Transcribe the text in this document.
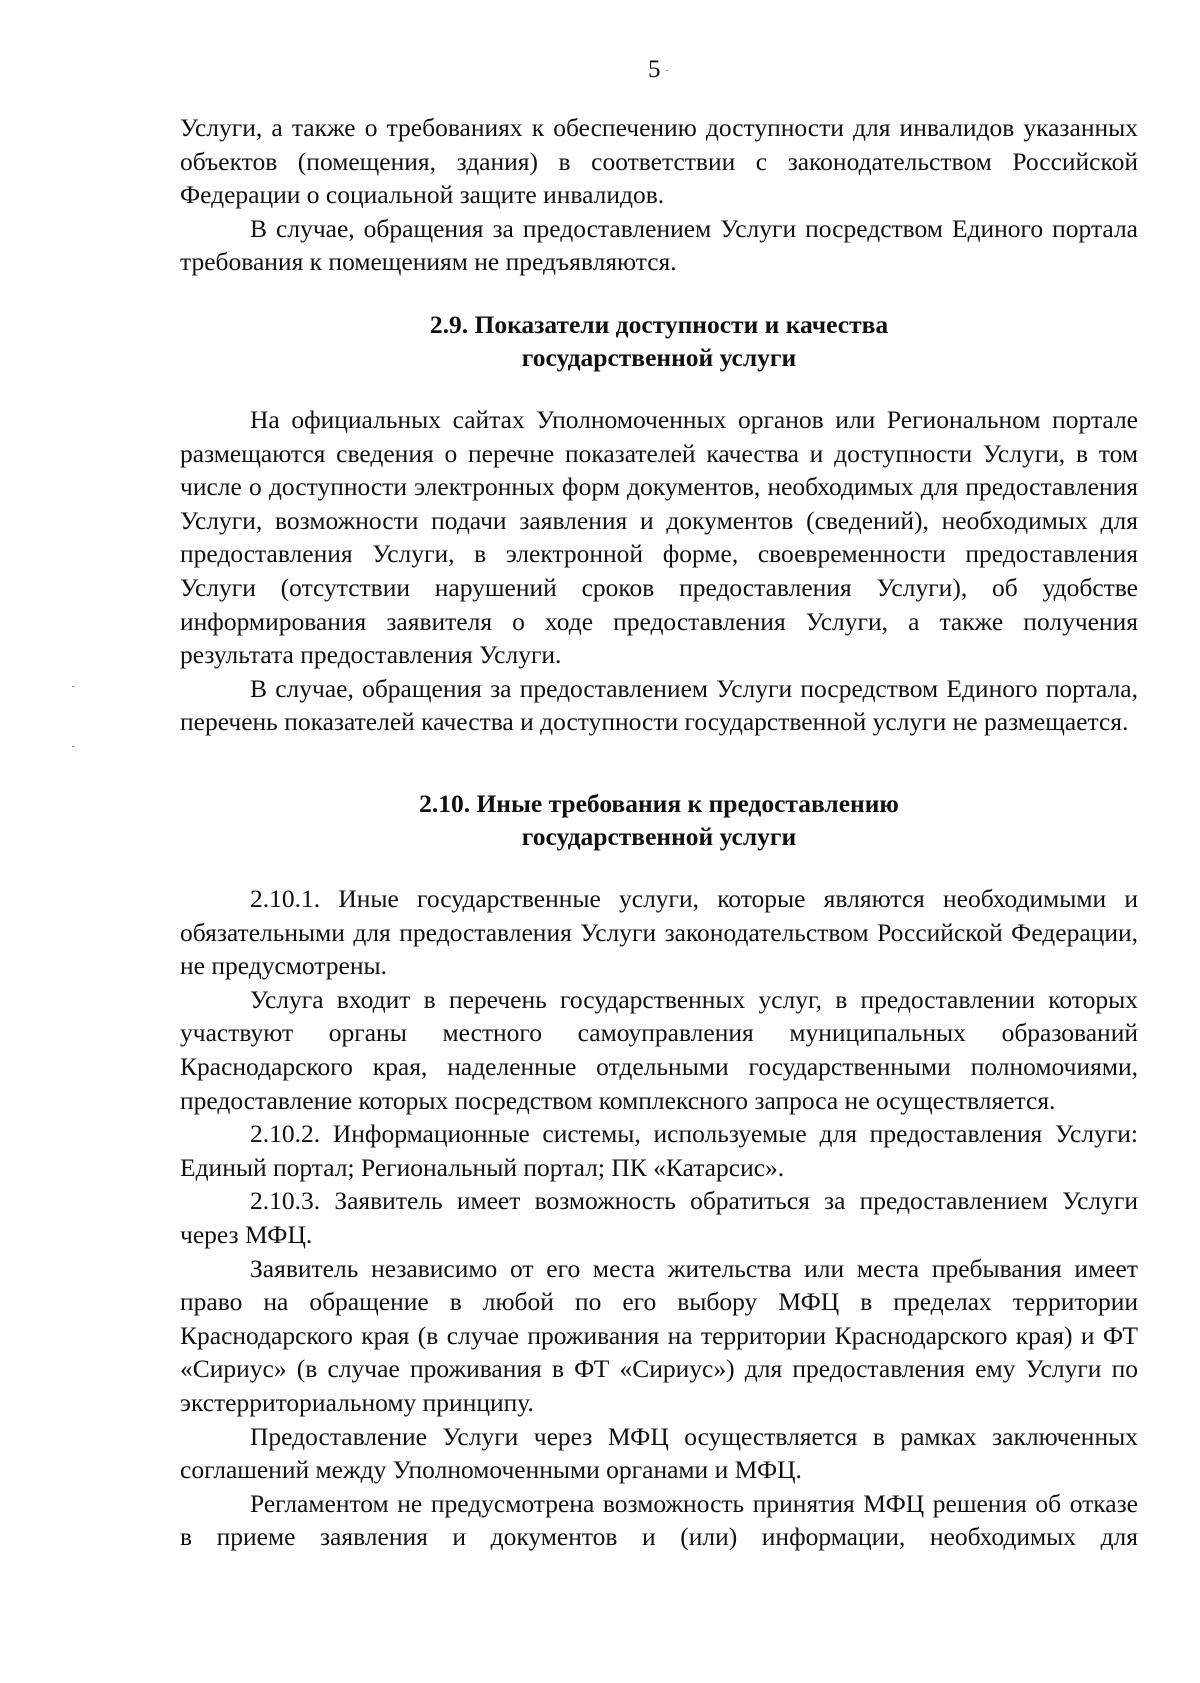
5

Услуги, а также о требованиях к обеспечению доступности для инвалидов указанных объектов (помещения, здания) в соответствии с законодательством Российской Федерации о социальной защите инвалидов.

В случае, обращения за предоставлением Услуги посредством Единого портала требования к помещениям не предъявляются.

2.9. Показатели доступности и качества
государственной услуги

На официальных сайтах Уполномоченных органов или Региональном портале размещаются сведения о перечне показателей качества и доступности Услуги, в том числе о доступности электронных форм документов, необходимых для предоставления Услуги, возможности подачи заявления и документов (сведений), необходимых для предоставления Услуги, в электронной форме, своевременности предоставления Услуги (отсутствии нарушений сроков предоставления Услуги), об удобстве информирования заявителя о ходе предоставления Услуги, а также получения результата предоставления Услуги.

В случае, обращения за предоставлением Услуги посредством Единого портала, перечень показателей качества и доступности государственной услуги не размещается.

2.10. Иные требования к предоставлению
государственной услуги

2.10.1. Иные государственные услуги, которые являются необходимыми и обязательными для предоставления Услуги законодательством Российской Федерации, не предусмотрены.

Услуга входит в перечень государственных услуг, в предоставлении которых участвуют органы местного самоуправления муниципальных образований Краснодарского края, наделенные отдельными государственными полномочиями, предоставление которых посредством комплексного запроса не осуществляется.

2.10.2. Информационные системы, используемые для предоставления Услуги: Единый портал; Региональный портал; ПК «Катарсис».

2.10.3. Заявитель имеет возможность обратиться за предоставлением Услуги через МФЦ.

Заявитель независимо от его места жительства или места пребывания имеет право на обращение в любой по его выбору МФЦ в пределах территории Краснодарского края (в случае проживания на территории Краснодарского края) и ФТ «Сириус» (в случае проживания в ФТ «Сириус») для предоставления ему Услуги по экстерриториальному принципу.

Предоставление Услуги через МФЦ осуществляется в рамках заключенных соглашений между Уполномоченными органами и МФЦ.

Регламентом не предусмотрена возможность принятия МФЦ решения об отказе в приеме заявления и документов и (или) информации, необходимых для
